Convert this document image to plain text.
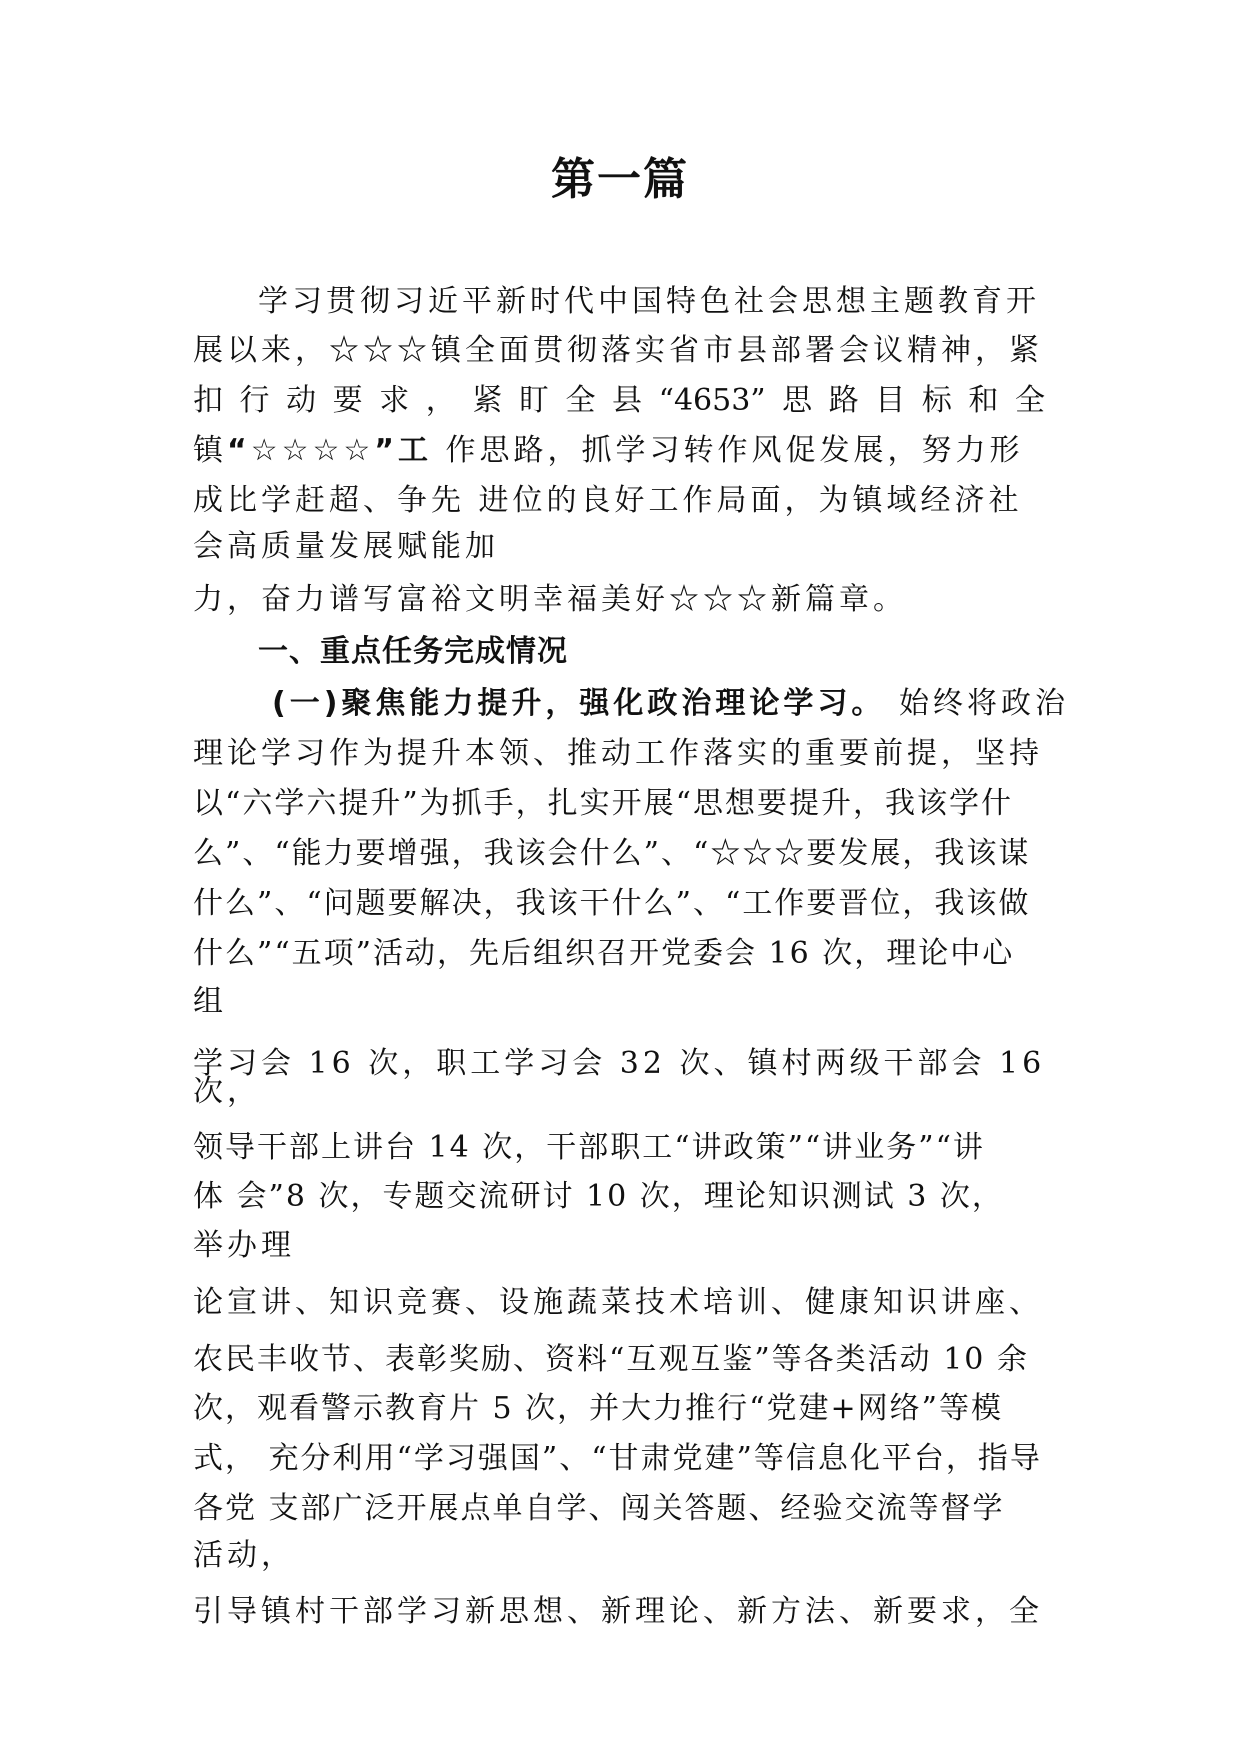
第一篇
学习贯彻习近平新时代中国特色社会思想主题教育开
展以来，☆☆☆镇全面贯彻落实省市县部署会议精神，紧
扣行动要求，紧盯全县“4653”思路目标和全
镇“☆☆☆☆”工 作思路，抓学习转作风促发展，努力形
成比学赶超、争先 进位的良好工作局面，为镇域经济社
会高质量发展赋能加
力，奋力谱写富裕文明幸福美好☆☆☆新篇章。
一、重点任务完成情况
(一)聚焦能力提升，强化政治理论学习。 始终将政治
理论学习作为提升本领、推动工作落实的重要前提，坚持
以“六学六提升”为抓手，扎实开展“思想要提升，我该学什
么”、“能力要增强，我该会什么”、“☆☆☆要发展，我该谋
什么”、“问题要解决，我该干什么”、“工作要晋位，我该做
什么”“五项”活动，先后组织召开党委会 16 次，理论中心
组
学习会 16 次，职工学习会 32 次、镇村两级干部会 16
次，
领导干部上讲台 14 次，干部职工“讲政策”“讲业务”“讲
体 会”8 次，专题交流研讨 10 次，理论知识测试 3 次，
举办理
论宣讲、知识竞赛、设施蔬菜技术培训、健康知识讲座、
农民丰收节、表彰奖励、资料“互观互鉴”等各类活动 10 余
次，观看警示教育片 5 次，并大力推行“党建+网络”等模
式， 充分利用“学习强国”、“甘肃党建”等信息化平台，指导
各党 支部广泛开展点单自学、闯关答题、经验交流等督学
活动，
引导镇村干部学习新思想、新理论、新方法、新要求，全
